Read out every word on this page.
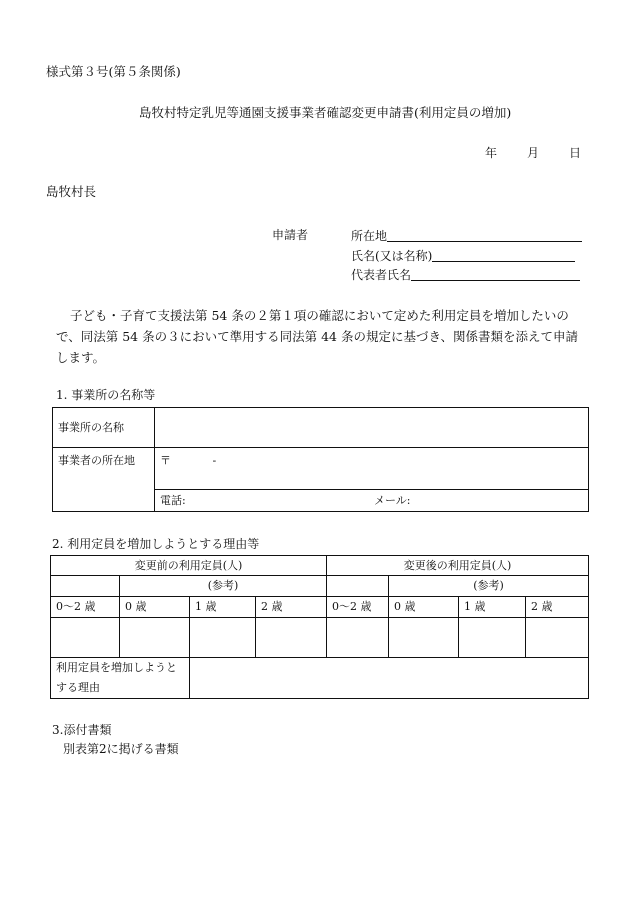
様式第３号(第５条関係)
島牧村特定乳児等通園支援事業者確認変更申請書(利用定員の増加)
年 月 日
島牧村長
申請者	所在地
氏名(又は名称)
代表者氏名
子ども・子育て支援法第 54 条の２第１項の確認において定めた利用定員を増加したいので、同法第 54 条の３において準用する同法第 44 条の規定に基づき、関係書類を添えて申請します。
1. 事業所の名称等
事業所の名称	
事業者の所在地	〒 -
	電話: メール:
2. 利用定員を増加しようとする理由等
変更前の利用定員(人)				変更後の利用定員(人)			
	(参考)				(参考)		
0～2 歳	0 歳	1 歳	2 歳	0～2 歳	0 歳	1 歳	2 歳

利用定員を増加しようとする理由							
3.添付書類
別表第2に掲げる書類
